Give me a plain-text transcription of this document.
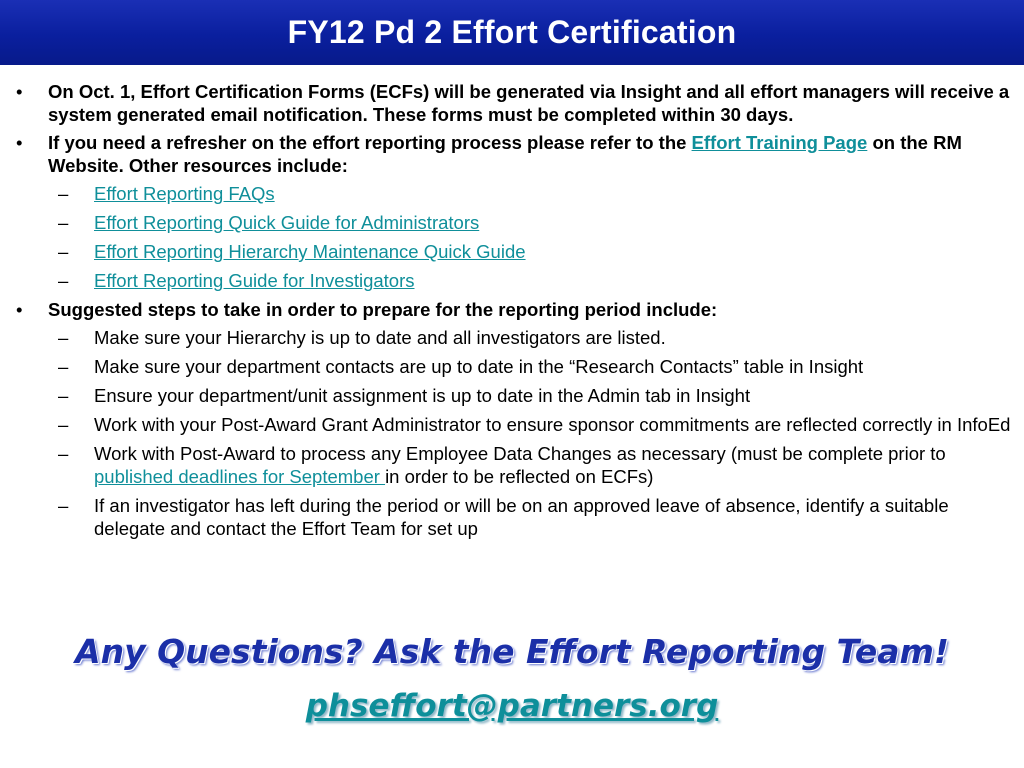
FY12 Pd 2 Effort Certification
•	On Oct. 1, Effort Certification Forms (ECFs) will be generated via Insight and all effort managers will receive a system generated email notification. These forms must be completed within 30 days.
•	If you need a refresher on the effort reporting process please refer to the Effort Training Page on the RM Website. Other resources include:
–	Effort Reporting FAQs
–	Effort Reporting Quick Guide for Administrators
–	Effort Reporting Hierarchy Maintenance Quick Guide
–	Effort Reporting Guide for Investigators
•	Suggested steps to take in order to prepare for the reporting period include:
–	Make sure your Hierarchy is up to date and all investigators are listed.
–	Make sure your department contacts are up to date in the “Research Contacts” table in Insight
–	Ensure your department/unit assignment is up to date in the Admin tab in Insight
–	Work with your Post-Award Grant Administrator to ensure sponsor commitments are reflected correctly in InfoEd
–	Work with Post-Award to process any Employee Data Changes as necessary (must be complete prior to published deadlines for September in order to be reflected on ECFs)
–	If an investigator has left during the period or will be on an approved leave of absence, identify a suitable delegate and contact the Effort Team for set up
Any Questions? Ask the Effort Reporting Team!
phseffort@partners.org
